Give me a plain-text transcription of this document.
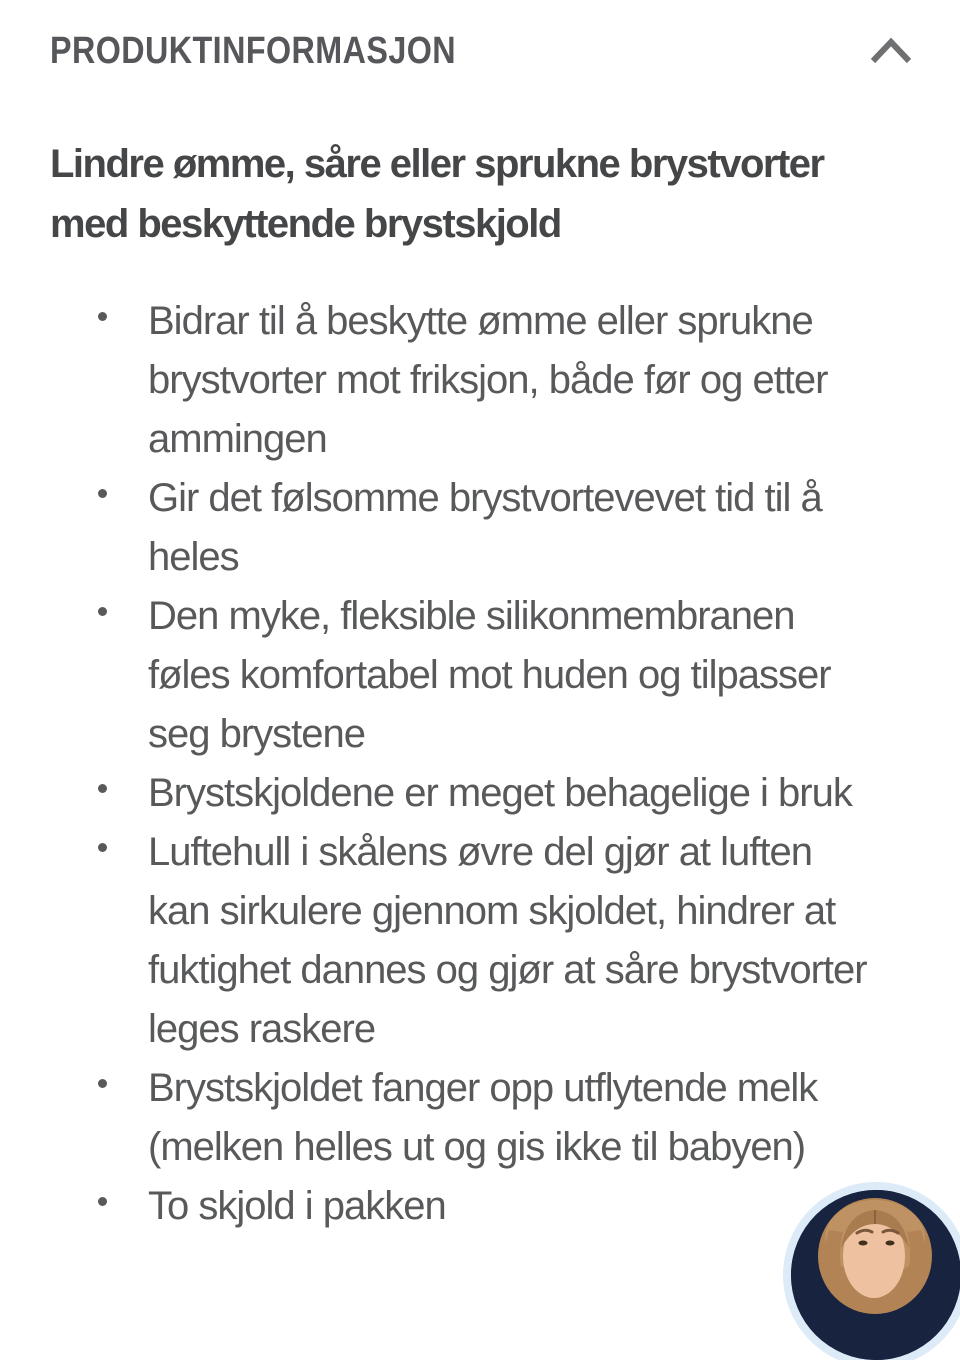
PRODUKTINFORMASJON
Lindre ømme, såre eller sprukne brystvorter med beskyttende brystskjold
Bidrar til å beskytte ømme eller sprukne brystvorter mot friksjon, både før og etter ammingen
Gir det følsomme brystvortevevet tid til å heles
Den myke, fleksible silikonmembranen føles komfortabel mot huden og tilpasser seg brystene
Brystskjoldene er meget behagelige i bruk
Luftehull i skålens øvre del gjør at luften kan sirkulere gjennom skjoldet, hindrer at fuktighet dannes og gjør at såre brystvorter leges raskere
Brystskjoldet fanger opp utflytende melk (melken helles ut og gis ikke til babyen)
To skjold i pakken
